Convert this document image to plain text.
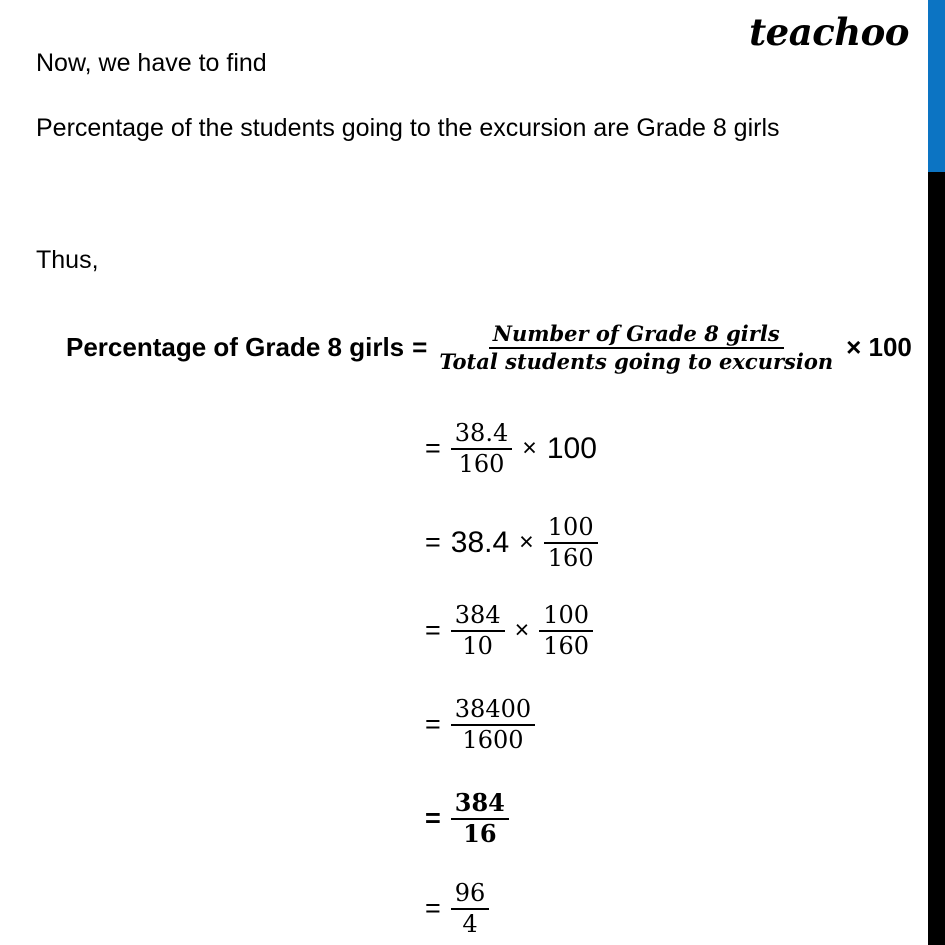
teachoo
Now, we have to find
Percentage of the students going to the excursion are Grade 8 girls
Thus,
Percentage of Grade 8 girls = $\frac{\text{Number of Grade 8 girls}}{\text{Total students going to excursion}} \times 100$
= $\frac{38.4}{160} \times 100$
= $38.4 \times \frac{100}{160}$
= $\frac{384}{10} \times \frac{100}{160}$
= $\frac{38400}{1600}$
= $\frac{384}{16}$
= $\frac{96}{4}$
